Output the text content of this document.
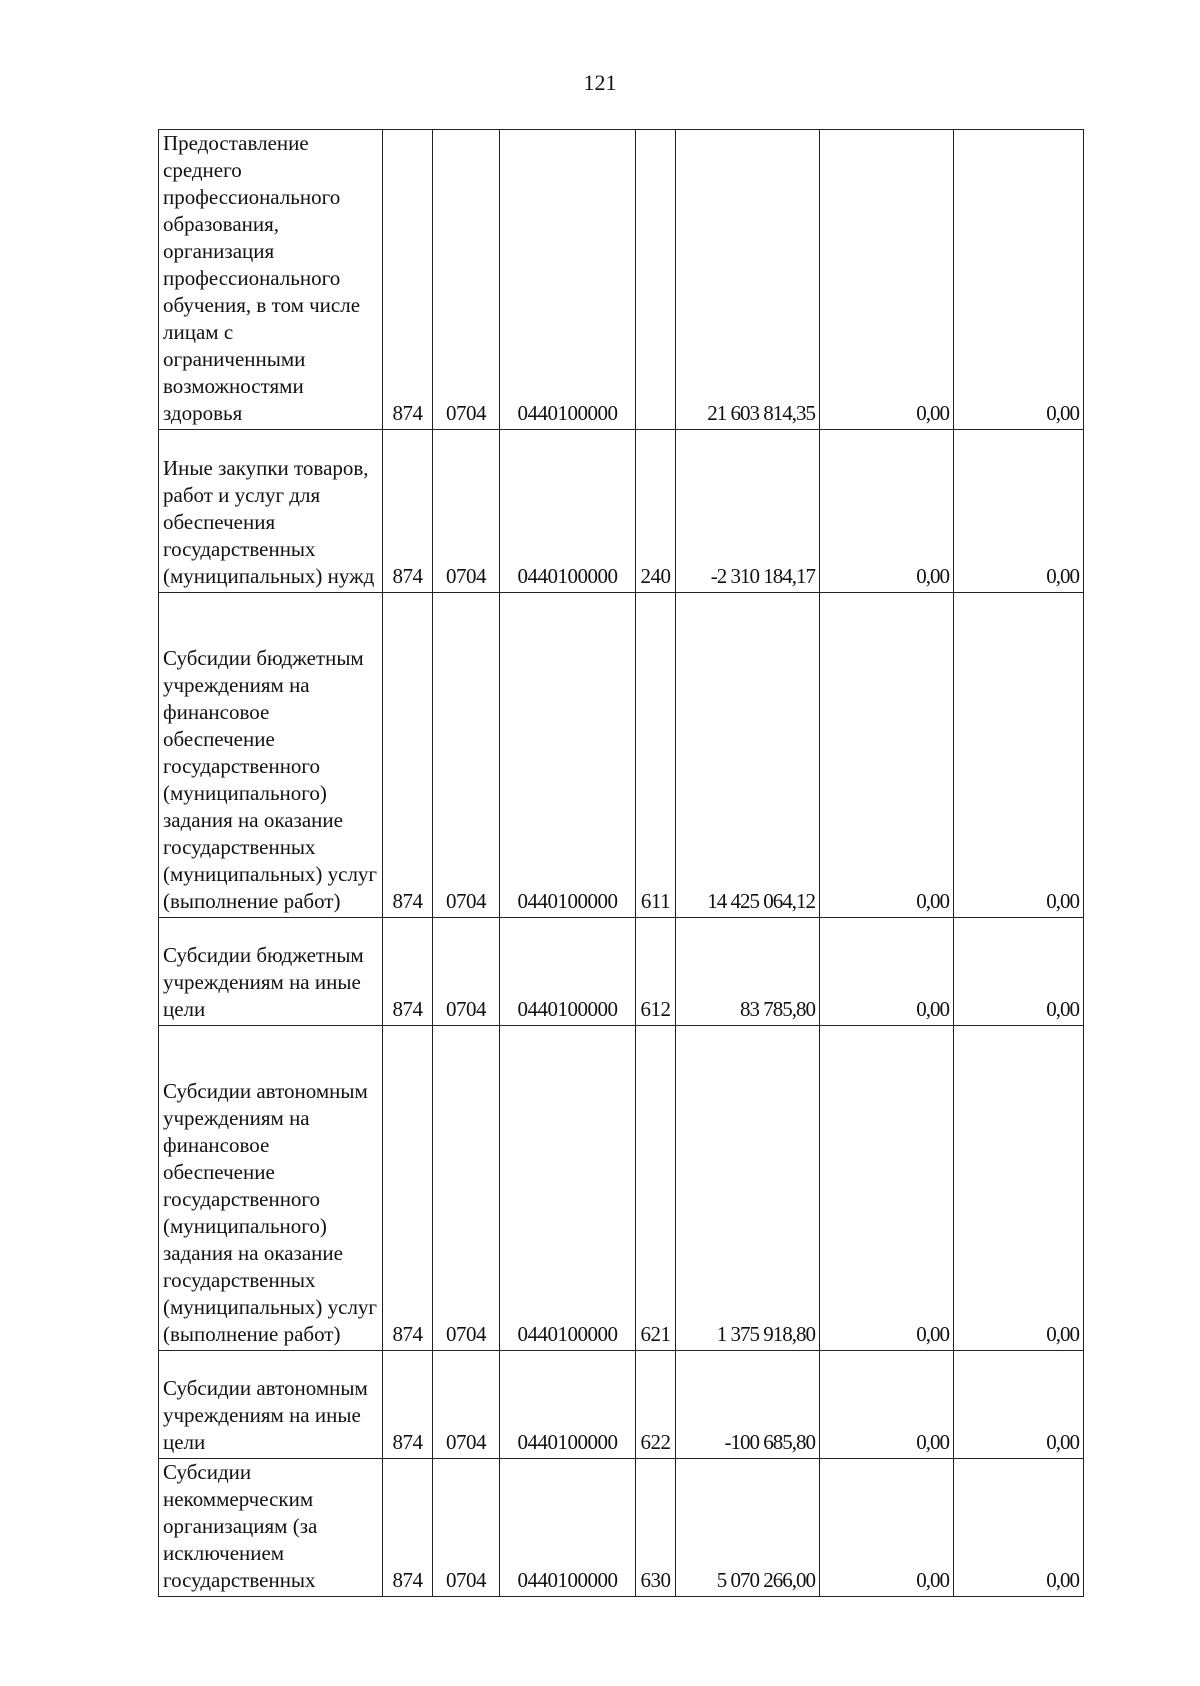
121
Предоставление среднего профессионального образования, организация профессионального обучения, в том числе лицам с ограниченными возможностями здоровья	874	0704	0440100000		21 603 814,35	0,00	0,00

Иные закупки товаров, работ и услуг для обеспечения государственных (муниципальных) нужд	874	0704	0440100000	240	-2 310 184,17	0,00	0,00

Субсидии бюджетным учреждениям на финансовое обеспечение государственного (муниципального) задания на оказание государственных (муниципальных) услуг (выполнение работ)	874	0704	0440100000	611	14 425 064,12	0,00	0,00

Субсидии бюджетным учреждениям на иные цели	874	0704	0440100000	612	83 785,80	0,00	0,00

Субсидии автономным учреждениям на финансовое обеспечение государственного (муниципального) задания на оказание государственных (муниципальных) услуг (выполнение работ)	874	0704	0440100000	621	1 375 918,80	0,00	0,00

Субсидии автономным учреждениям на иные цели	874	0704	0440100000	622	-100 685,80	0,00	0,00

Субсидии некоммерческим организациям (за исключением государственных	874	0704	0440100000	630	5 070 266,00	0,00	0,00
